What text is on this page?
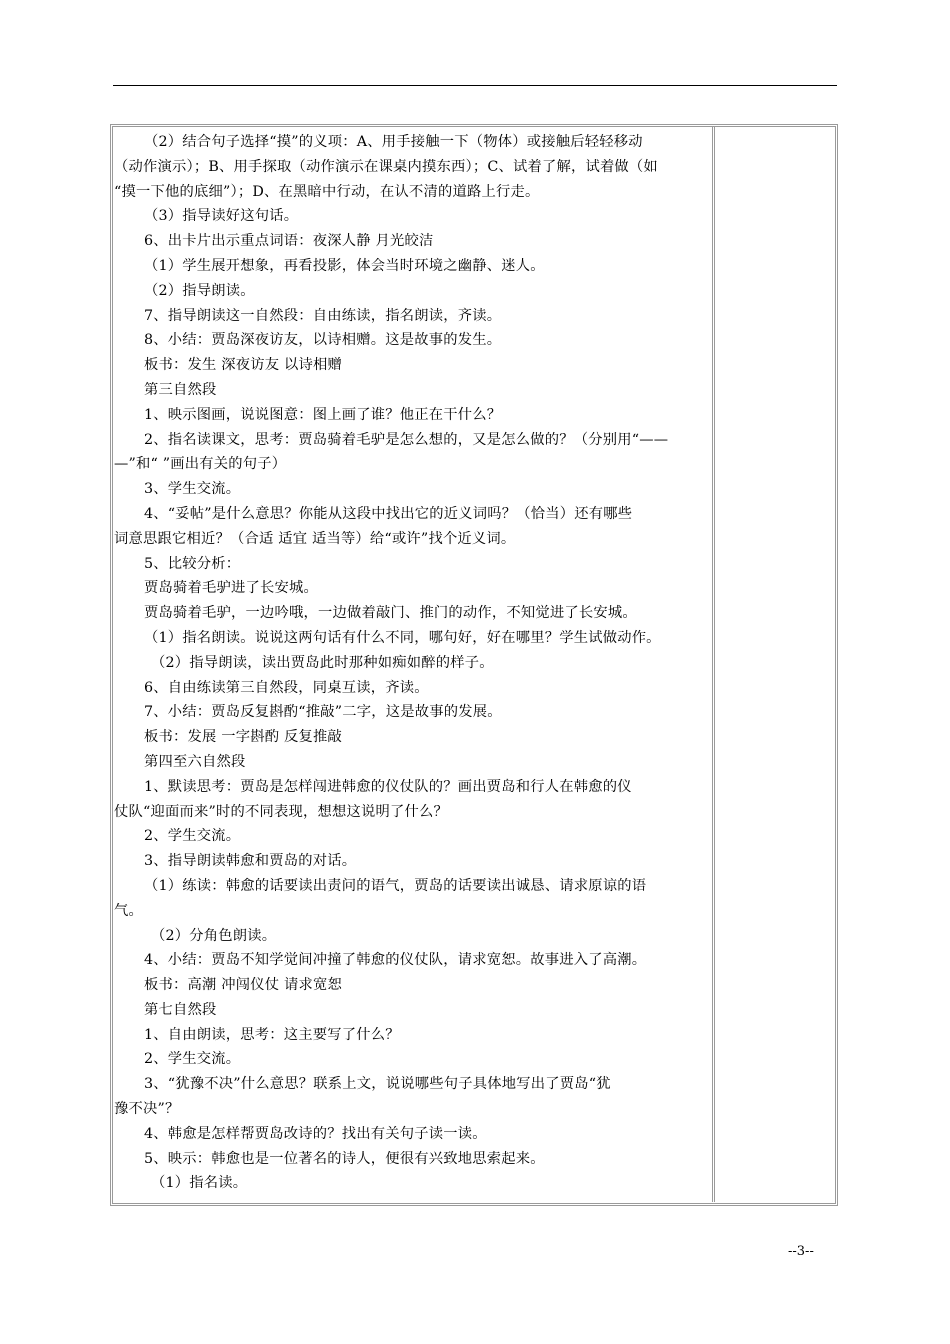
（2）结合句子选择“摸”的义项：A、用手接触一下（物体）或接触后轻轻移动
（动作演示）；B、用手探取（动作演示在课桌内摸东西）；C、试着了解，试着做（如
“摸一下他的底细”）；D、在黑暗中行动，在认不清的道路上行走。
（3）指导读好这句话。
6、出卡片出示重点词语：夜深人静 月光皎洁
（1）学生展开想象，再看投影，体会当时环境之幽静、迷人。
（2）指导朗读。
7、指导朗读这一自然段：自由练读，指名朗读，齐读。
8、小结：贾岛深夜访友，以诗相赠。这是故事的发生。
板书：发生 深夜访友 以诗相赠
第三自然段
1、映示图画，说说图意：图上画了谁？他正在干什么？
2、指名读课文，思考：贾岛骑着毛驴是怎么想的，又是怎么做的？（分别用“——
—”和“ ”画出有关的句子）
3、学生交流。
4、“妥帖”是什么意思？你能从这段中找出它的近义词吗？（恰当）还有哪些
词意思跟它相近？（合适 适宜 适当等）给“或许”找个近义词。
5、比较分析：
贾岛骑着毛驴进了长安城。
贾岛骑着毛驴，一边吟哦，一边做着敲门、推门的动作，不知觉进了长安城。
（1）指名朗读。说说这两句话有什么不同，哪句好，好在哪里？学生试做动作。
（2）指导朗读，读出贾岛此时那种如痴如醉的样子。
6、自由练读第三自然段，同桌互读，齐读。
7、小结：贾岛反复斟酌“推敲”二字，这是故事的发展。
板书：发展 一字斟酌 反复推敲
第四至六自然段
1、默读思考：贾岛是怎样闯进韩愈的仪仗队的？画出贾岛和行人在韩愈的仪
仗队“迎面而来”时的不同表现，想想这说明了什么？
2、学生交流。
3、指导朗读韩愈和贾岛的对话。
（1）练读：韩愈的话要读出责问的语气，贾岛的话要读出诚恳、请求原谅的语
气。
（2）分角色朗读。
4、小结：贾岛不知学觉间冲撞了韩愈的仪仗队，请求宽恕。故事进入了高潮。
板书：高潮 冲闯仪仗 请求宽恕
第七自然段
1、自由朗读，思考：这主要写了什么？
2、学生交流。
3、“犹豫不决”什么意思？联系上文，说说哪些句子具体地写出了贾岛“犹
豫不决”？
4、韩愈是怎样帮贾岛改诗的？找出有关句子读一读。
5、映示：韩愈也是一位著名的诗人，便很有兴致地思索起来。
（1）指名读。
--3--
